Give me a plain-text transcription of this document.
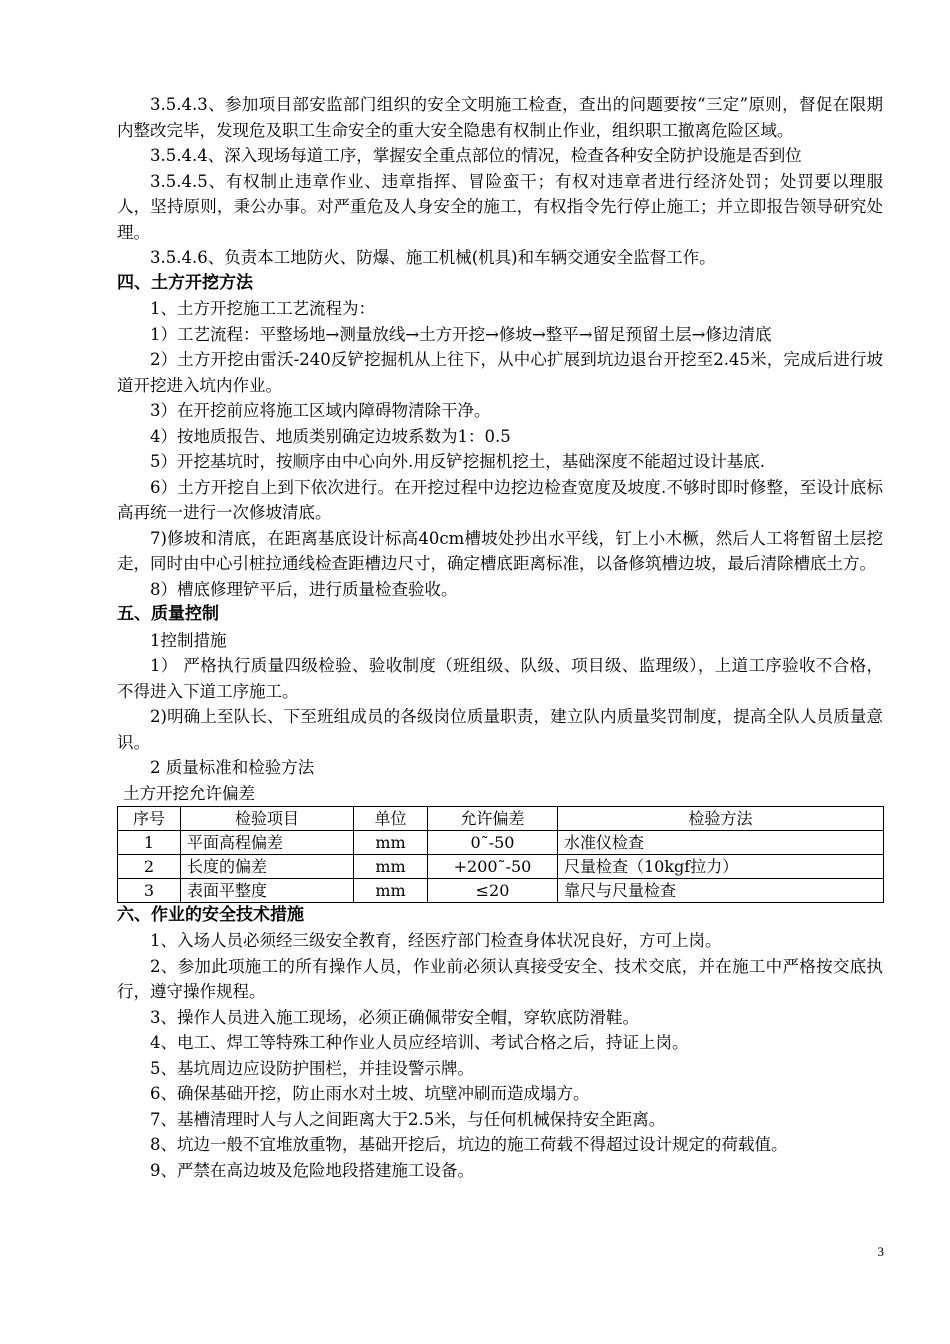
3.5.4.3、参加项目部安监部门组织的安全文明施工检查，查出的问题要按“三定”原则，督促在限期内整改完毕，发现危及职工生命安全的重大安全隐患有权制止作业，组织职工撤离危险区域。

3.5.4.4、深入现场每道工序，掌握安全重点部位的情况，检查各种安全防护设施是否到位

3.5.4.5、有权制止违章作业、违章指挥、冒险蛮干；有权对违章者进行经济处罚；处罚要以理服人，坚持原则，秉公办事。对严重危及人身安全的施工，有权指令先行停止施工；并立即报告领导研究处理。

3.5.4.6、负责本工地防火、防爆、施工机械(机具)和车辆交通安全监督工作。

四、土方开挖方法

1、土方开挖施工工艺流程为：

1）工艺流程：平整场地→测量放线→土方开挖→修坡→整平→留足预留土层→修边清底

2）土方开挖由雷沃-240反铲挖掘机从上往下，从中心扩展到坑边退台开挖至2.45米，完成后进行坡道开挖进入坑内作业。

3）在开挖前应将施工区域内障碍物清除干净。

4）按地质报告、地质类别确定边坡系数为1：0.5

5）开挖基坑时，按顺序由中心向外.用反铲挖掘机挖土，基础深度不能超过设计基底.

6）土方开挖自上到下依次进行。在开挖过程中边挖边检查宽度及坡度.不够时即时修整，至设计底标高再统一进行一次修坡清底。

7)修坡和清底，在距离基底设计标高40cm槽坡处抄出水平线，钉上小木橛，然后人工将暂留土层挖走，同时由中心引桩拉通线检查距槽边尺寸，确定槽底距离标准，以备修筑槽边坡，最后清除槽底土方。

8）槽底修理铲平后，进行质量检查验收。

五、质量控制

1控制措施

1） 严格执行质量四级检验、验收制度（班组级、队级、项目级、监理级），上道工序验收不合格，不得进入下道工序施工。

2)明确上至队长、下至班组成员的各级岗位质量职责，建立队内质量奖罚制度，提高全队人员质量意识。

2 质量标准和检验方法

土方开挖允许偏差

序号	检验项目	单位	允许偏差	检验方法
1	平面高程偏差	mm	0˜-50	水准仪检查
2	长度的偏差	mm	+200˜-50	尺量检查（10kgf拉力）
3	表面平整度	mm	≤20	靠尺与尺量检查

六、作业的安全技术措施

1、入场人员必须经三级安全教育，经医疗部门检查身体状况良好，方可上岗。

2、参加此项施工的所有操作人员，作业前必须认真接受安全、技术交底，并在施工中严格按交底执行，遵守操作规程。

3、操作人员进入施工现场，必须正确佩带安全帽，穿软底防滑鞋。

4、电工、焊工等特殊工种作业人员应经培训、考试合格之后，持证上岗。

5、基坑周边应设防护围栏，并挂设警示牌。

6、确保基础开挖，防止雨水对土坡、坑壁冲刷而造成塌方。

7、基槽清理时人与人之间距离大于2.5米，与任何机械保持安全距离。

8、坑边一般不宜堆放重物，基础开挖后，坑边的施工荷载不得超过设计规定的荷载值。

9、严禁在高边坡及危险地段搭建施工设备。

3
